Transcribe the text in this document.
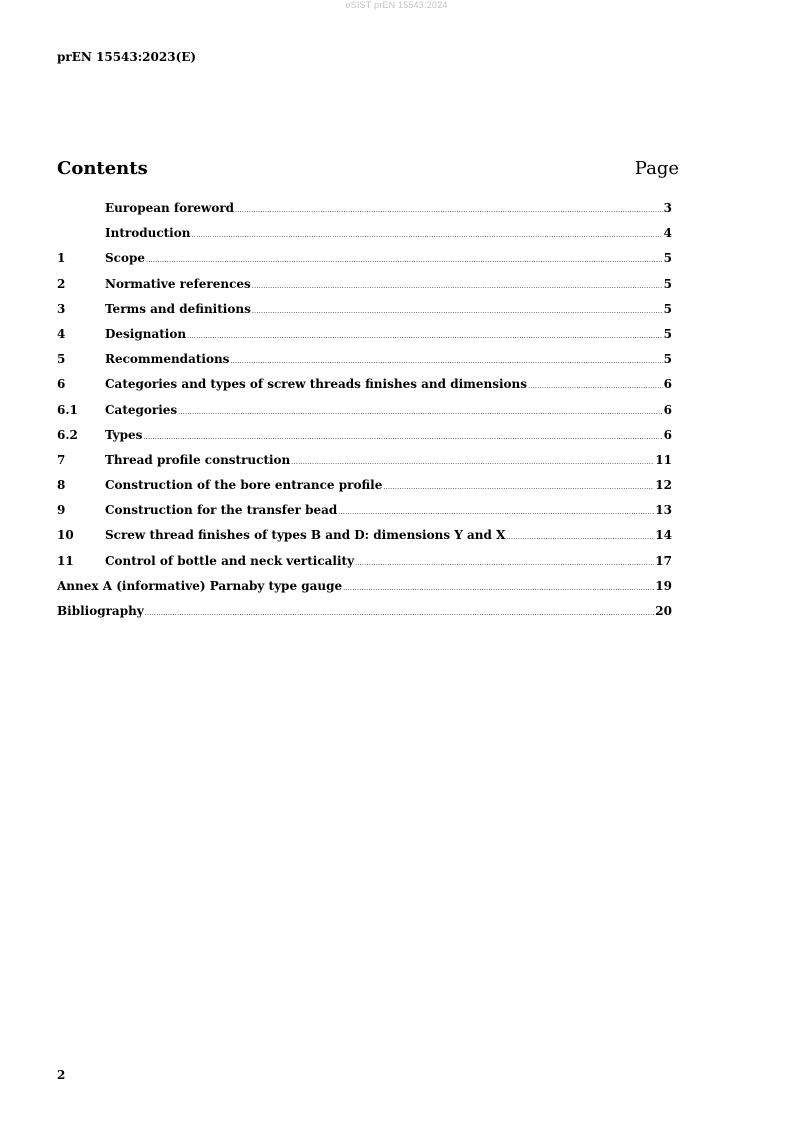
oSIST prEN 15543:2024
prEN 15543:2023(E)
Contents	Page
European foreword .....	3
Introduction .....	4
1	Scope .....	5
2	Normative references .....	5
3	Terms and definitions .....	5
4	Designation .....	5
5	Recommendations .....	5
6	Categories and types of screw threads finishes and dimensions .....	6
6.1	Categories .....	6
6.2	Types .....	6
7	Thread profile construction .....	11
8	Construction of the bore entrance profile .....	12
9	Construction for the transfer bead .....	13
10	Screw thread finishes of types B and D: dimensions Y and X .....	14
11	Control of bottle and neck verticality .....	17
Annex A (informative) Parnaby type gauge .....	19
Bibliography .....	20
2
